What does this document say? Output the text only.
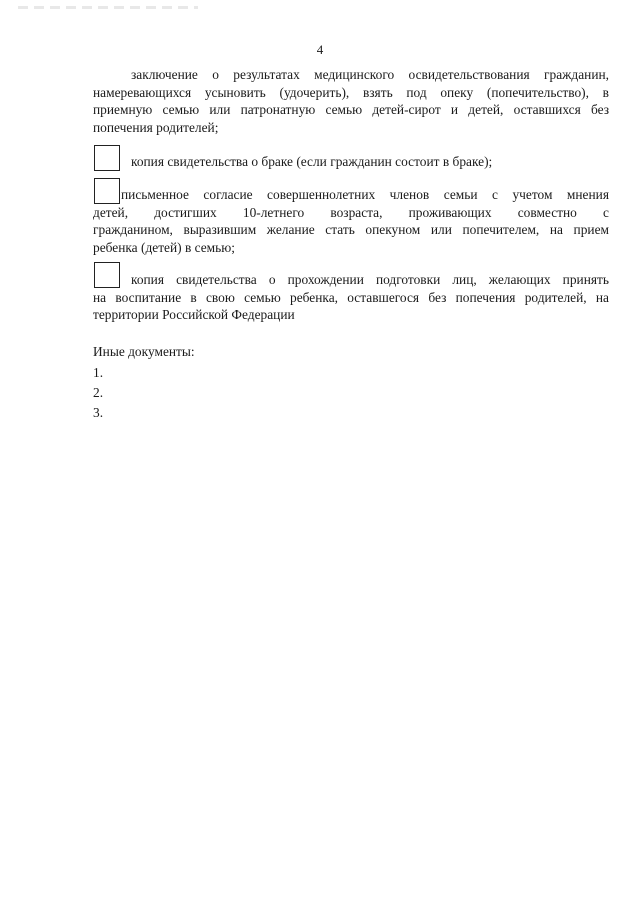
4
заключение о результатах медицинского освидетельствования гражданин,
намеревающихся усыновить (удочерить), взять под опеку (попечительство), в
приемную семью или патронатную семью детей-сирот и детей, оставшихся без
попечения родителей;
копия свидетельства о браке (если гражданин состоит в браке);
письменное согласие совершеннолетних членов семьи с учетом мнения
детей, достигших 10-летнего возраста, проживающих совместно с
гражданином, выразившим желание стать опекуном или попечителем, на прием
ребенка (детей) в семью;
копия свидетельства о прохождении подготовки лиц, желающих принять
на воспитание в свою семью ребенка, оставшегося без попечения родителей, на
территории Российской Федерации
Иные документы:
1.
2.
3.
